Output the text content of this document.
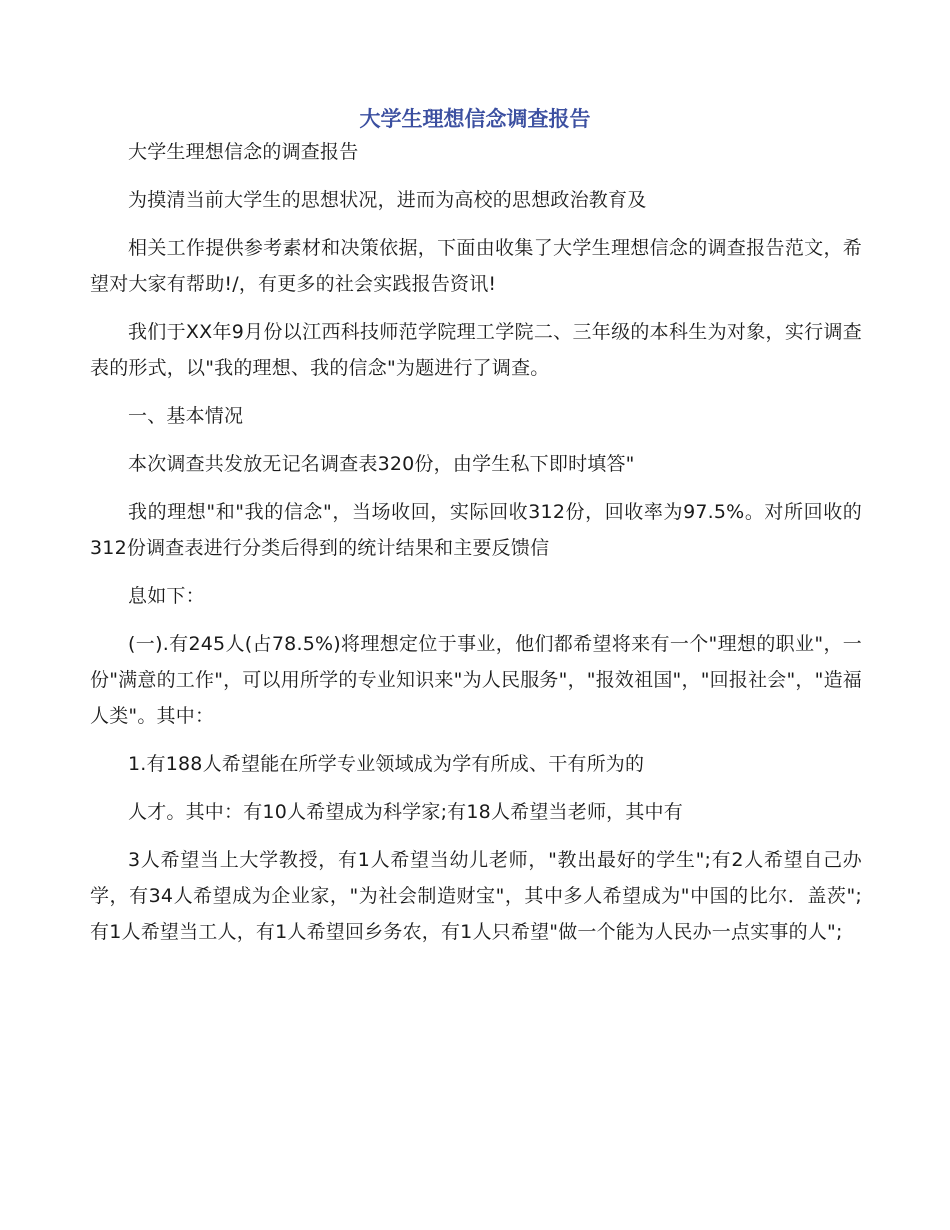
大学生理想信念调查报告

大学生理想信念的调查报告

为摸清当前大学生的思想状况，进而为高校的思想政治教育及

相关工作提供参考素材和决策依据，下面由收集了大学生理想信念的调查报告范文，希望对大家有帮助!/，有更多的社会实践报告资讯!

我们于XX年9月份以江西科技师范学院理工学院二、三年级的本科生为对象，实行调查表的形式，以"我的理想、我的信念"为题进行了调查。

一、基本情况

本次调查共发放无记名调查表320份，由学生私下即时填答"

我的理想"和"我的信念"，当场收回，实际回收312份，回收率为97.5%。对所回收的312份调查表进行分类后得到的统计结果和主要反馈信

息如下：

(一).有245人(占78.5%)将理想定位于事业，他们都希望将来有一个"理想的职业"，一份"满意的工作"，可以用所学的专业知识来"为人民服务"，"报效祖国"，"回报社会"，"造福人类"。其中：

1.有188人希望能在所学专业领域成为学有所成、干有所为的

人才。其中：有10人希望成为科学家;有18人希望当老师，其中有

3人希望当上大学教授，有1人希望当幼儿老师，"教出最好的学生";有2人希望自己办学，有34人希望成为企业家，"为社会制造财宝"，其中多人希望成为"中国的比尔．盖茨";有1人希望当工人，有1人希望回乡务农，有1人只希望"做一个能为人民办一点实事的人";
